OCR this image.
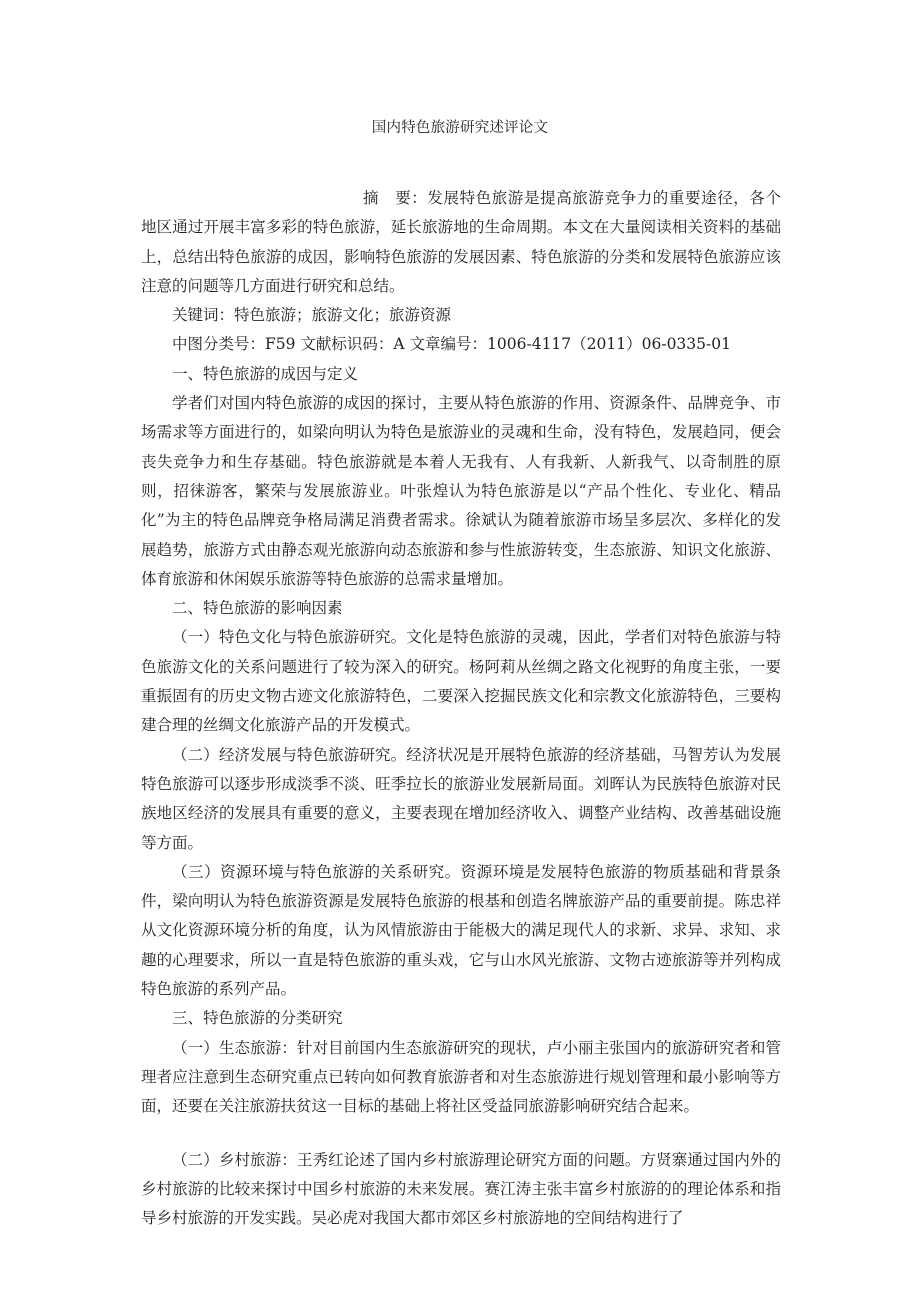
国内特色旅游研究述评论文

摘　要：发展特色旅游是提高旅游竞争力的重要途径，各个地区通过开展丰富多彩的特色旅游，延长旅游地的生命周期。本文在大量阅读相关资料的基础上，总结出特色旅游的成因，影响特色旅游的发展因素、特色旅游的分类和发展特色旅游应该注意的问题等几方面进行研究和总结。

关键词：特色旅游；旅游文化；旅游资源

中图分类号：F59 文献标识码：A 文章编号：1006-4117（2011）06-0335-01

一、特色旅游的成因与定义

学者们对国内特色旅游的成因的探讨，主要从特色旅游的作用、资源条件、品牌竞争、市场需求等方面进行的，如梁向明认为特色是旅游业的灵魂和生命，没有特色，发展趋同，便会丧失竞争力和生存基础。特色旅游就是本着人无我有、人有我新、人新我气、以奇制胜的原则，招徕游客，繁荣与发展旅游业。叶张煌认为特色旅游是以“产品个性化、专业化、精品化”为主的特色品牌竞争格局满足消费者需求。徐斌认为随着旅游市场呈多层次、多样化的发展趋势，旅游方式由静态观光旅游向动态旅游和参与性旅游转变，生态旅游、知识文化旅游、体育旅游和休闲娱乐旅游等特色旅游的总需求量增加。

二、特色旅游的影响因素

（一）特色文化与特色旅游研究。文化是特色旅游的灵魂，因此，学者们对特色旅游与特色旅游文化的关系问题进行了较为深入的研究。杨阿莉从丝绸之路文化视野的角度主张，一要重振固有的历史文物古迹文化旅游特色，二要深入挖掘民族文化和宗教文化旅游特色，三要构建合理的丝绸文化旅游产品的开发模式。

（二）经济发展与特色旅游研究。经济状况是开展特色旅游的经济基础，马智芳认为发展特色旅游可以逐步形成淡季不淡、旺季拉长的旅游业发展新局面。刘晖认为民族特色旅游对民族地区经济的发展具有重要的意义，主要表现在增加经济收入、调整产业结构、改善基础设施等方面。

（三）资源环境与特色旅游的关系研究。资源环境是发展特色旅游的物质基础和背景条件，梁向明认为特色旅游资源是发展特色旅游的根基和创造名牌旅游产品的重要前提。陈忠祥从文化资源环境分析的角度，认为风情旅游由于能极大的满足现代人的求新、求异、求知、求趣的心理要求，所以一直是特色旅游的重头戏，它与山水风光旅游、文物古迹旅游等并列构成特色旅游的系列产品。

三、特色旅游的分类研究

（一）生态旅游：针对目前国内生态旅游研究的现状，卢小丽主张国内的旅游研究者和管理者应注意到生态研究重点已转向如何教育旅游者和对生态旅游进行规划管理和最小影响等方面，还要在关注旅游扶贫这一目标的基础上将社区受益同旅游影响研究结合起来。

（二）乡村旅游：王秀红论述了国内乡村旅游理论研究方面的问题。方贤寨通过国内外的乡村旅游的比较来探讨中国乡村旅游的未来发展。赛江涛主张丰富乡村旅游的的理论体系和指导乡村旅游的开发实践。吴必虎对我国大都市郊区乡村旅游地的空间结构进行了
